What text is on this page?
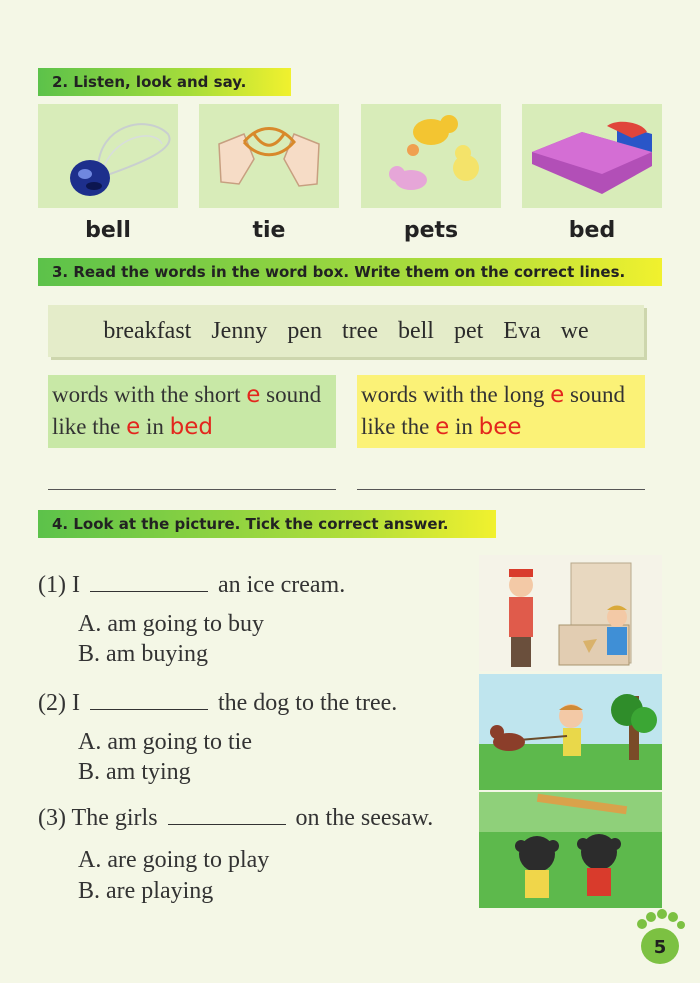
2. Listen, look and say.
bell	tie	pets	bed
3. Read the words in the word box. Write them on the correct lines.
breakfast Jenny pen tree bell pet Eva we
words with the short e sound
like the e in bed
words with the long e sound
like the e in bee
4. Look at the picture. Tick the correct answer.
(1) I	an ice cream.
A. am going to buy
B. am buying
(2) I	the dog to the tree.
A. am going to tie
B. am tying
(3) The girls	on the seesaw.
A. are going to play
B. are playing
5
